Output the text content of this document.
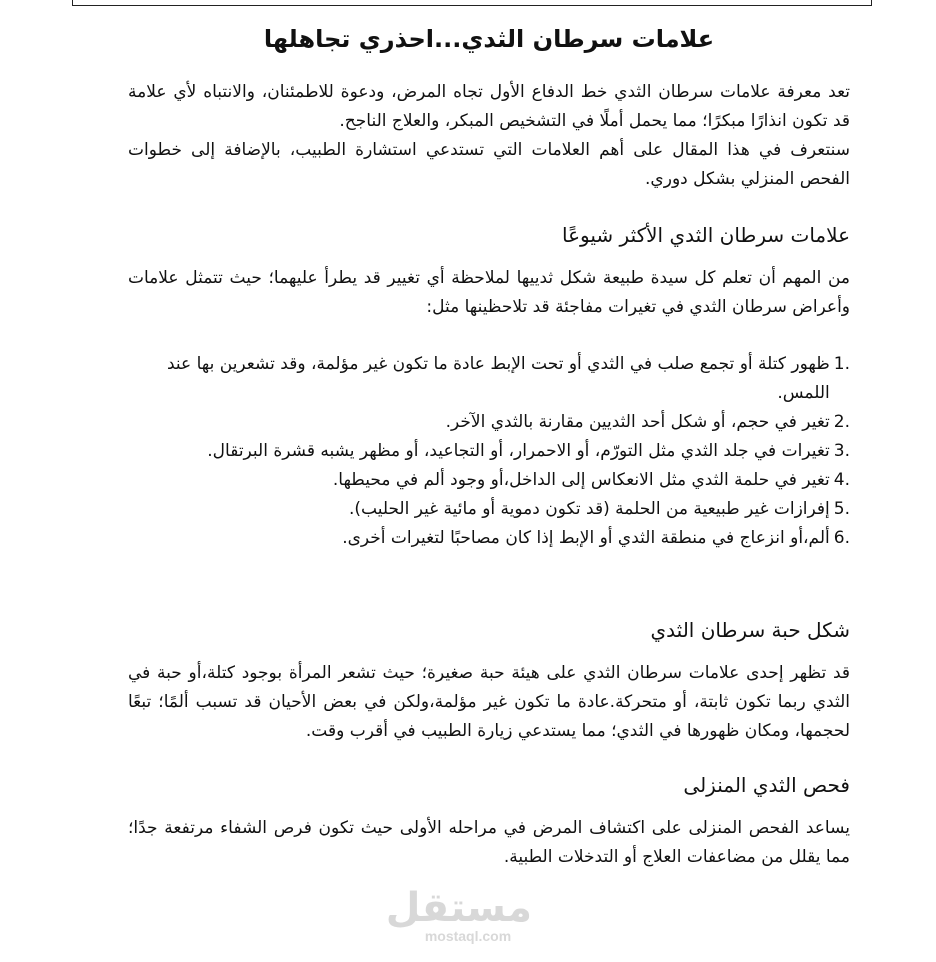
علامات سرطان الثدي...احذري تجاهلها

تعد معرفة علامات سرطان الثدي خط الدفاع الأول تجاه المرض، ودعوة للاطمئنان، والانتباه لأي علامة قد تكون انذارًا مبكرًا؛ مما يحمل أملًا في التشخيص المبكر، والعلاج الناجح.

سنتعرف في هذا المقال على أهم العلامات التي تستدعي استشارة الطبيب، بالإضافة إلى خطوات الفحص المنزلي بشكل دوري.

علامات سرطان الثدي الأكثر شيوعًا

من المهم أن تعلم كل سيدة طبيعة شكل ثدييها لملاحظة أي تغيير قد يطرأ عليهما؛ حيث تتمثل علامات وأعراض سرطان الثدي في تغيرات مفاجئة قد تلاحظينها مثل:

1.
ظهور كتلة أو تجمع صلب في الثدي أو تحت الإبط عادة ما تكون غير مؤلمة، وقد تشعرين بها عند اللمس.
2.
تغير في حجم، أو شكل أحد الثديين مقارنة بالثدي الآخر.
3.
تغيرات في جلد الثدي مثل التورّم، أو الاحمرار، أو التجاعيد، أو مظهر يشبه قشرة البرتقال.
4.
تغير في حلمة الثدي مثل الانعكاس إلى الداخل،أو وجود ألم في محيطها.
5.
إفرازات غير طبيعية من الحلمة (قد تكون دموية أو مائية غير الحليب).
6.
ألم،أو انزعاج في منطقة الثدي أو الإبط إذا كان مصاحبًا لتغيرات أخرى.
شكل حبة سرطان الثدي

قد تظهر إحدى علامات سرطان الثدي على هيئة حبة صغيرة؛ حيث تشعر المرأة بوجود كتلة،أو حبة في الثدي ربما تكون ثابتة، أو متحركة.عادة ما تكون غير مؤلمة،ولكن في بعض الأحيان قد تسبب ألمًا؛ تبعًا لحجمها، ومكان ظهورها في الثدي؛ مما يستدعي زيارة الطبيب في أقرب وقت.

فحص الثدي المنزلى

يساعد الفحص المنزلى على اكتشاف المرض في مراحله الأولى حيث تكون فرص الشفاء مرتفعة جدًا؛ مما يقلل من مضاعفات العلاج أو التدخلات الطبية.

مستقل
mostaql.com
